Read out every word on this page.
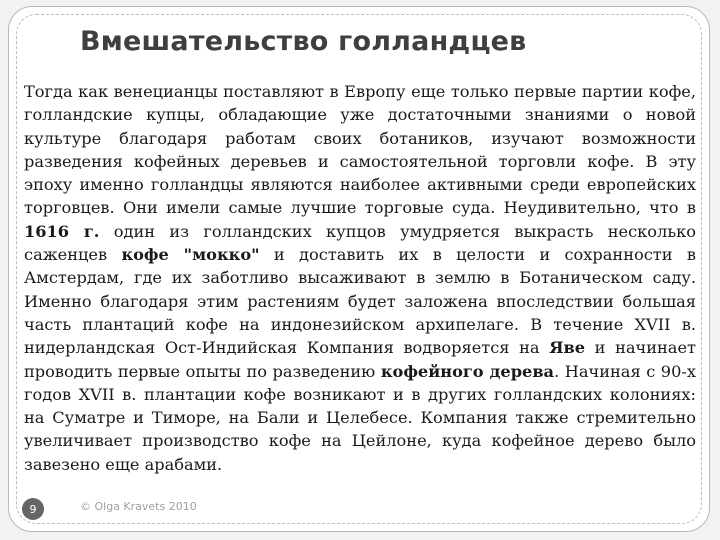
Вмешательство голландцев

Тогда как венецианцы поставляют в Европу еще только первые партии кофе, голландские купцы, обладающие уже достаточными знаниями о новой культуре благодаря работам своих ботаников, изучают возможности разведения кофейных деревьев и самостоятельной торговли кофе. В эту эпоху именно голландцы являются наиболее активными среди европейских торговцев. Они имели самые лучшие торговые суда. Неудивительно, что в 1616 г. один из голландских купцов умудряется выкрасть несколько саженцев кофе "мокко" и доставить их в целости и сохранности в Амстердам, где их заботливо высаживают в землю в Ботаническом саду. Именно благодаря этим растениям будет заложена впоследствии большая часть плантаций кофе на индонезийском архипелаге. В течение XVII в. нидерландская Ост-Индийская Компания водворяется на Яве и начинает проводить первые опыты по разведению кофейного дерева. Начиная с 90-х годов XVII в. плантации кофе возникают и в других голландских колониях: на Суматре и Тиморе, на Бали и Целебесе. Компания также стремительно увеличивает производство кофе на Цейлоне, куда кофейное дерево было завезено еще арабами.

9	© Olga Kravets 2010
